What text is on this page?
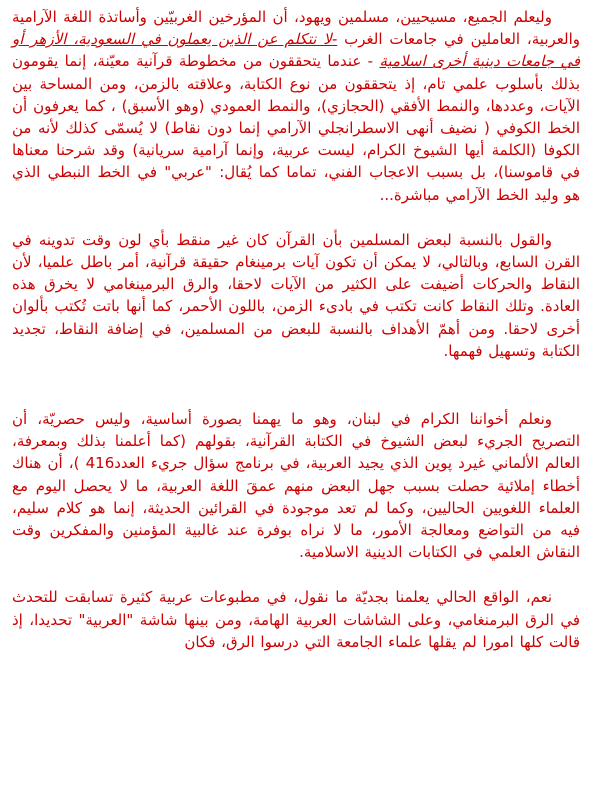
وليعلم الجميع، مسيحيين، مسلمين ويهود، أن المؤرخين الغربيّين وأساتذة اللغة الآرامية والعربية، العاملين في جامعات الغرب -لا نتكلم عن الذين يعملون في السعودية، الأزهر أو في جامعات دينية أخرى اسلامية - عندما يتحققون من مخطوطة قرآنية معيّنة، إنما يقومون بذلك بأسلوب علمي تام، إذ يتحققون من نوع الكتابة، وعلاقته بالزمن، ومن المساحة بين الآيات، وعددها، والنمط الأفقي (الحجازي)، والنمط العمودي (وهو الأسبق) ، كما يعرفون أن الخط الكوفي ( نضيف أنهى الاسطرانجلي الآرامي إنما دون نقاط) لا يُسمّى كذلك لأنه من الكوفا (الكلمة أيها الشيوخ الكرام، ليست عربية، وإنما آرامية سريانية) وقد شرحنا معناها في قاموسنا)، بل بسبب الاعجاب الفني، تماما كما يُقال: "عربي" في الخط النبطي الذي هو وليد الخط الآرامي مباشرة...

والقول بالنسبة لبعض المسلمين بأن القرآن كان غير منقط بأي لون وقت تدوينه في القرن السابع، وبالتالي، لا يمكن أن تكون آيات برمينغام حقيقة قرآنية، أمر باطل علميا، لأن النقاط والحركات أضيفت على الكثير من الآيات لاحقا، والرق البرمينغامي لا يخرق هذه العادة. وتلك النقاط كانت تكتب في بادىء الزمن، باللون الأحمر، كما أنها باتت تُكتب بألوان أخرى لاحقا. ومن أهمّ الأهداف بالنسبة للبعض من المسلمين، في إضافة النقاط، تجديد الكتابة وتسهيل فهمها.

ونعلم أخواننا الكرام في لبنان، وهو ما يهمنا بصورة أساسية، وليس حصريّة، أن التصريح الجريء لبعض الشيوخ في الكتابة القرآنية، بقولهم (كما أعلمنا بذلك وبمعرفة، العالم الألماني غيرد پوين الذي يجيد العربية، في برنامج سؤال جريء العدد416 )، أن هناك أخطاء إملائية حصلت بسبب جهل البعض منهم عمقَ اللغة العربية، ما لا يحصل اليوم مع العلماء اللغويين الحاليين، وكما لم تعد موجودة في القرائين الحديثة، إنما هو كلام سليم، فيه من التواضع ومعالجة الأمور، ما لا نراه بوفرة عند غالبية المؤمنين والمفكرين وقت النقاش العلمي في الكتابات الدينية الاسلامية.

نعم، الواقع الحالي يعلمنا بجديّة ما نقول، في مطبوعات عربية كثيرة تسابقت للتحدث في الرق البرمنغامي، وعلى الشاشات العربية الهامة، ومن بينها شاشة "العربية" تحديدا، إذ قالت كلها امورا لم يقلها علماء الجامعة التي درسوا الرق، فكان
